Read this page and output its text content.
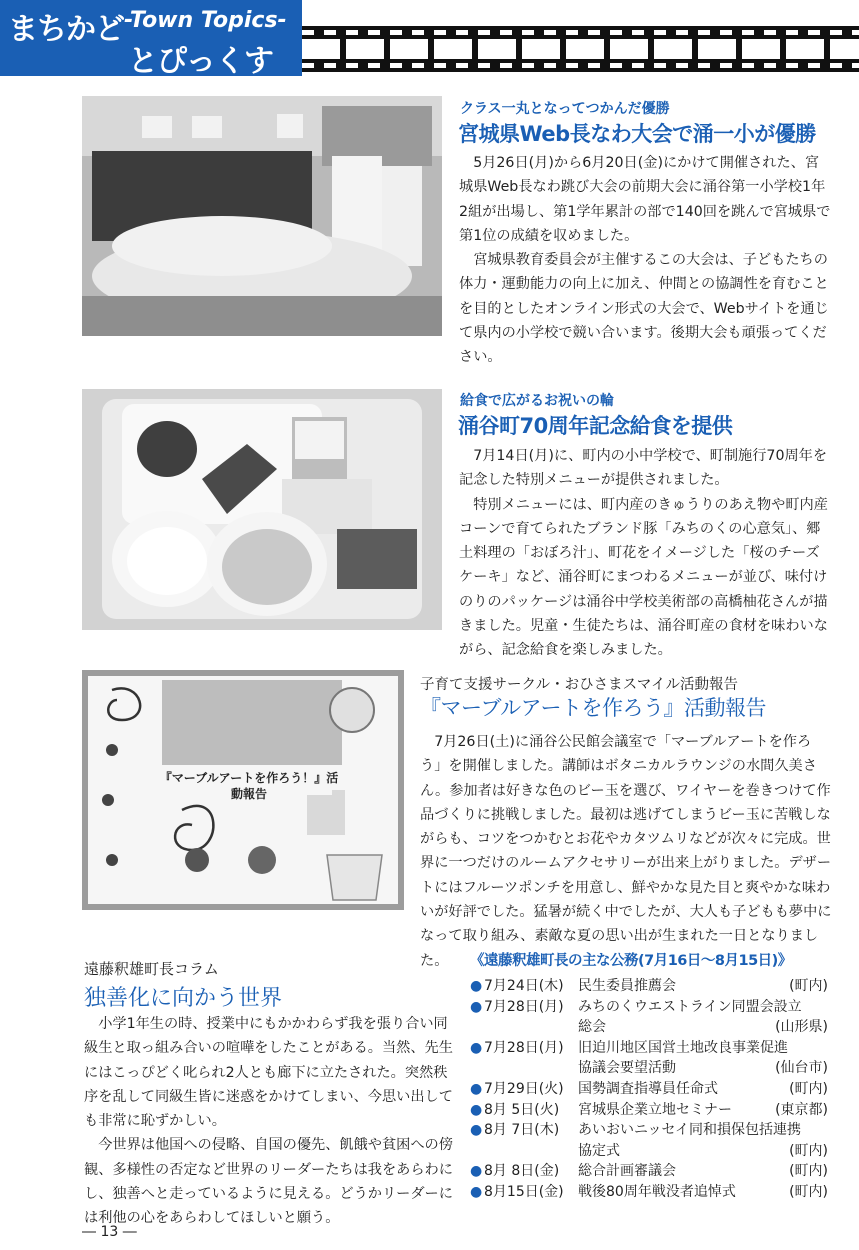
まちかど -Town Topics-
とぴっくす
クラス一丸となってつかんだ優勝
宮城県Web長なわ大会で涌一小が優勝

5月26日(月)から6月20日(金)にかけて開催された、宮城県Web長なわ跳び大会の前期大会に涌谷第一小学校1年2組が出場し、第1学年累計の部で140回を跳んで宮城県で第1位の成績を収めました。

宮城県教育委員会が主催するこの大会は、子どもたちの体力・運動能力の向上に加え、仲間との協調性を育むことを目的としたオンライン形式の大会で、Webサイトを通じて県内の小学校で競い合います。後期大会も頑張ってください。

給食で広がるお祝いの輪
涌谷町70周年記念給食を提供

7月14日(月)に、町内の小中学校で、町制施行70周年を記念した特別メニューが提供されました。

特別メニューには、町内産のきゅうりのあえ物や町内産コーンで育てられたブランド豚「みちのくの心意気」、郷土料理の「おぼろ汁」、町花をイメージした「桜のチーズケーキ」など、涌谷町にまつわるメニューが並び、味付けのりのパッケージは涌谷中学校美術部の高橋柚花さんが描きました。児童・生徒たちは、涌谷町産の食材を味わいながら、記念給食を楽しみました。

『マーブルアートを作ろう！』活動報告
子育て支援サークル・おひさまスマイル活動報告
『マーブルアートを作ろう』活動報告

7月26日(土)に涌谷公民館会議室で「マーブルアートを作ろう」を開催しました。講師はボタニカルラウンジの水間久美さん。参加者は好きな色のビー玉を選び、ワイヤーを巻きつけて作品づくりに挑戦しました。最初は逃げてしまうビー玉に苦戦しながらも、コツをつかむとお花やカタツムリなどが次々に完成。世界に一つだけのルームアクセサリーが出来上がりました。デザートにはフルーツポンチを用意し、鮮やかな見た目と爽やかな味わいが好評でした。猛暑が続く中でしたが、大人も子どもも夢中になって取り組み、素敵な夏の思い出が生まれた一日となりました。

遠藤釈雄町長コラム
独善化に向かう世界

小学1年生の時、授業中にもかかわらず我を張り合い同級生と取っ組み合いの喧嘩をしたことがある。当然、先生にはこっぴどく叱られ2人とも廊下に立たされた。突然秩序を乱して同級生皆に迷惑をかけてしまい、今思い出しても非常に恥ずかしい。

今世界は他国への侵略、自国の優先、飢餓や貧困への傍観、多様性の否定など世界のリーダーたちは我をあらわにし、独善へと走っているように見える。どうかリーダーには利他の心をあらわしてほしいと願う。

《遠藤釈雄町長の主な公務(7月16日～8月15日)》
● 7月24日(木) 民生委員推薦会	(町内)
● 7月28日(月) みちのくウエストライン同盟会設立
総会	(山形県)
● 7月28日(月) 旧迫川地区国営土地改良事業促進
協議会要望活動	(仙台市)
● 7月29日(火) 国勢調査指導員任命式	(町内)
● 8月 5日(火) 宮城県企業立地セミナー	(東京都)
● 8月 7日(木) あいおいニッセイ同和損保包括連携
協定式	(町内)
● 8月 8日(金) 総合計画審議会	(町内)
● 8月15日(金) 戦後80周年戦没者追悼式	(町内)
― 13 ―
